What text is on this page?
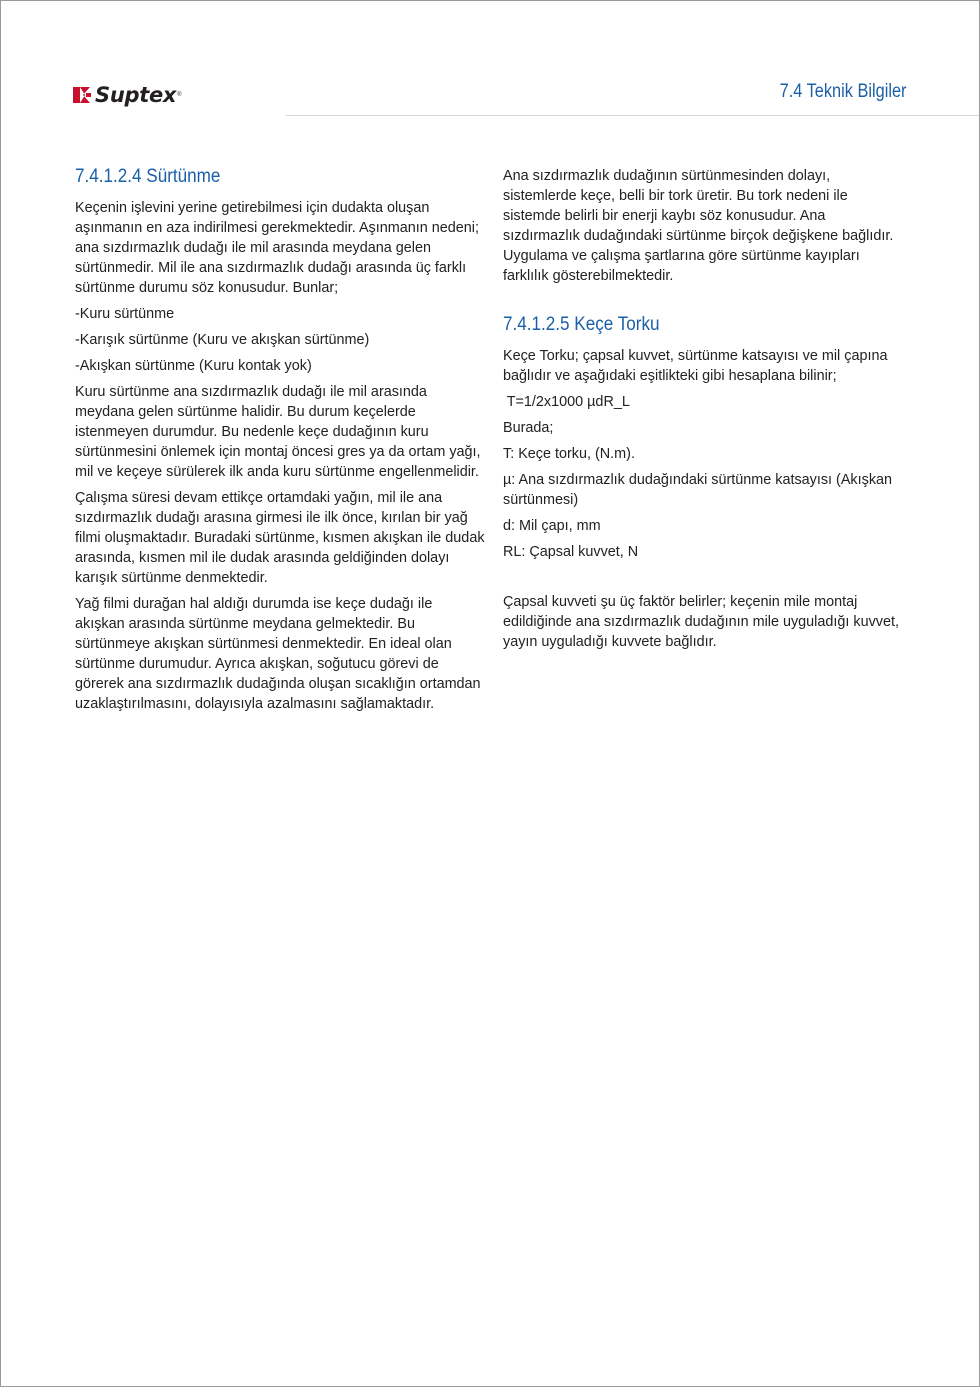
Suptex ®	7.4 Teknik Bilgiler
7.4.1.2.4 Sürtünme

Keçenin işlevini yerine getirebilmesi için dudakta oluşan aşınmanın en aza indirilmesi gerekmektedir. Aşınmanın nedeni; ana sızdırmazlık dudağı ile mil arasında meydana gelen sürtünmedir. Mil ile ana sızdırmazlık dudağı arasında üç farklı sürtünme durumu söz konusudur. Bunlar;

-Kuru sürtünme

-Karışık sürtünme (Kuru ve akışkan sürtünme)

-Akışkan sürtünme (Kuru kontak yok)

Kuru sürtünme ana sızdırmazlık dudağı ile mil arasında meydana gelen sürtünme halidir. Bu durum keçelerde istenmeyen durumdur. Bu nedenle keçe dudağının kuru sürtünmesini önlemek için montaj öncesi gres ya da ortam yağı, mil ve keçeye sürülerek ilk anda kuru sürtünme engellenmelidir.

Çalışma süresi devam ettikçe ortamdaki yağın, mil ile ana sızdırmazlık dudağı arasına girmesi ile ilk önce, kırılan bir yağ filmi oluşmaktadır. Buradaki sürtünme, kısmen akışkan ile dudak arasında, kısmen mil ile dudak arasında geldiğinden dolayı karışık sürtünme denmektedir.

Yağ filmi durağan hal aldığı durumda ise keçe dudağı ile akışkan arasında sürtünme meydana gelmektedir. Bu sürtünmeye akışkan sürtünmesi denmektedir. En ideal olan sürtünme durumudur. Ayrıca akışkan, soğutucu görevi de görerek ana sızdırmazlık dudağında oluşan sıcaklığın ortamdan uzaklaştırılmasını, dolayısıyla azalmasını sağlamaktadır.

Ana sızdırmazlık dudağının sürtünmesinden dolayı, sistemlerde keçe, belli bir tork üretir. Bu tork nedeni ile sistemde belirli bir enerji kaybı söz konusudur. Ana sızdırmazlık dudağındaki sürtünme birçok değişkene bağlıdır. Uygulama ve çalışma şartlarına göre sürtünme kayıpları farklılık gösterebilmektedir.

7.4.1.2.5 Keçe Torku

Keçe Torku; çapsal kuvvet, sürtünme katsayısı ve mil çapına bağlıdır ve aşağıdaki eşitlikteki gibi hesaplana bilinir;

T=1/2x1000 µdR_L

Burada;

T: Keçe torku, (N.m).

µ: Ana sızdırmazlık dudağındaki sürtünme katsayısı (Akışkan sürtünmesi)

d: Mil çapı, mm

RL: Çapsal kuvvet, N

Çapsal kuvveti şu üç faktör belirler; keçenin mile montaj edildiğinde ana sızdırmazlık dudağının mile uyguladığı kuvvet, yayın uyguladığı kuvvete bağlıdır.
